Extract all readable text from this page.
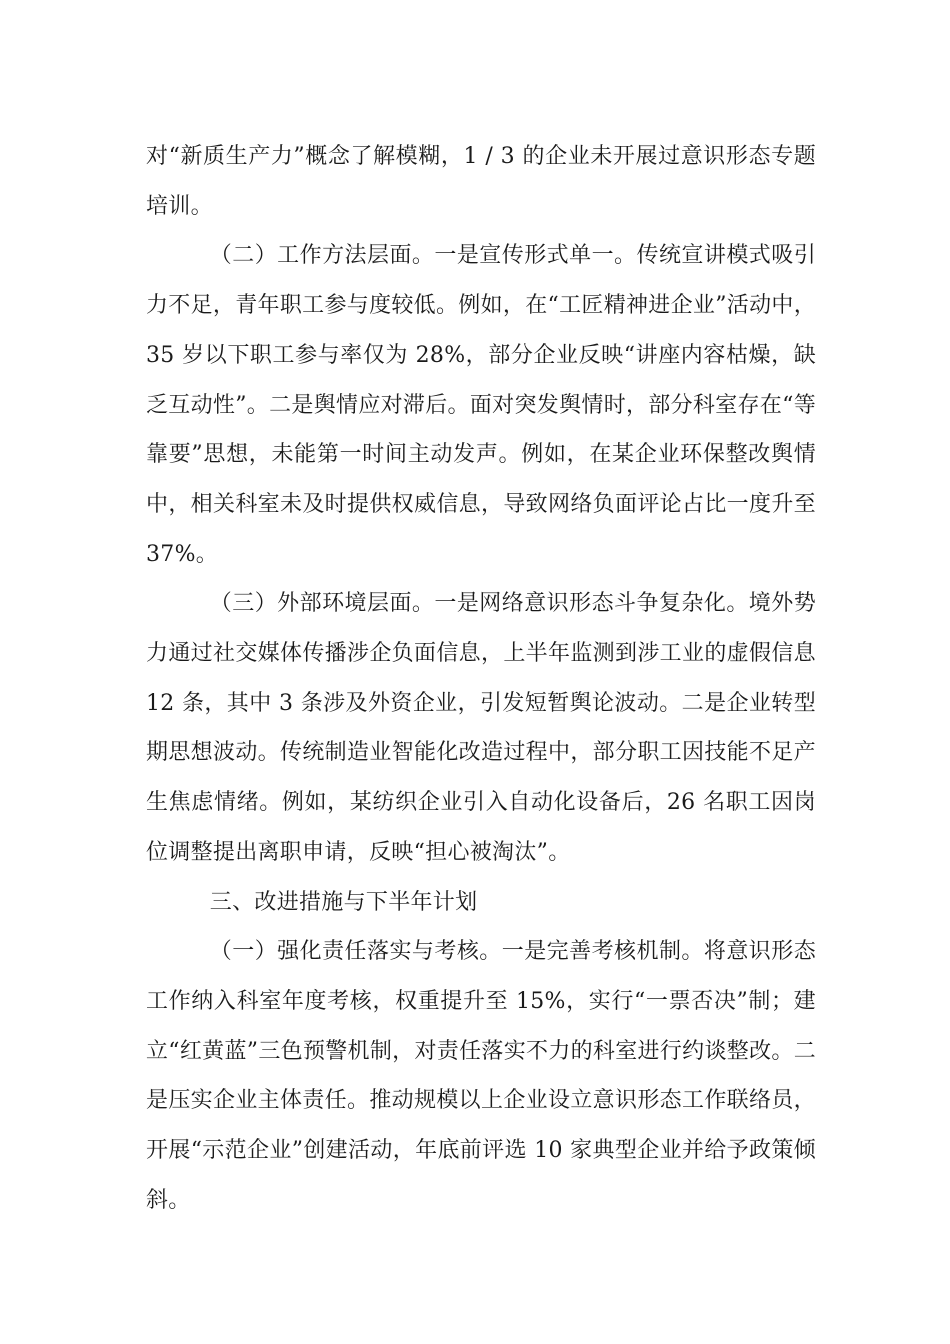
对“新质生产力”概念了解模糊，1 / 3 的企业未开展过意识形态专题培训。

（二）工作方法层面。一是宣传形式单一。传统宣讲模式吸引力不足，青年职工参与度较低。例如，在“工匠精神进企业”活动中，35 岁以下职工参与率仅为 28%，部分企业反映“讲座内容枯燥，缺乏互动性”。二是舆情应对滞后。面对突发舆情时，部分科室存在“等靠要”思想，未能第一时间主动发声。例如，在某企业环保整改舆情中，相关科室未及时提供权威信息，导致网络负面评论占比一度升至 37%。

（三）外部环境层面。一是网络意识形态斗争复杂化。境外势力通过社交媒体传播涉企负面信息，上半年监测到涉工业的虚假信息 12 条，其中 3 条涉及外资企业，引发短暂舆论波动。二是企业转型期思想波动。传统制造业智能化改造过程中，部分职工因技能不足产生焦虑情绪。例如，某纺织企业引入自动化设备后，26 名职工因岗位调整提出离职申请，反映“担心被淘汰”。

三、改进措施与下半年计划

（一）强化责任落实与考核。一是完善考核机制。将意识形态工作纳入科室年度考核，权重提升至 15%，实行“一票否决”制；建立“红黄蓝”三色预警机制，对责任落实不力的科室进行约谈整改。二是压实企业主体责任。推动规模以上企业设立意识形态工作联络员，开展“示范企业”创建活动，年底前评选 10 家典型企业并给予政策倾斜。
